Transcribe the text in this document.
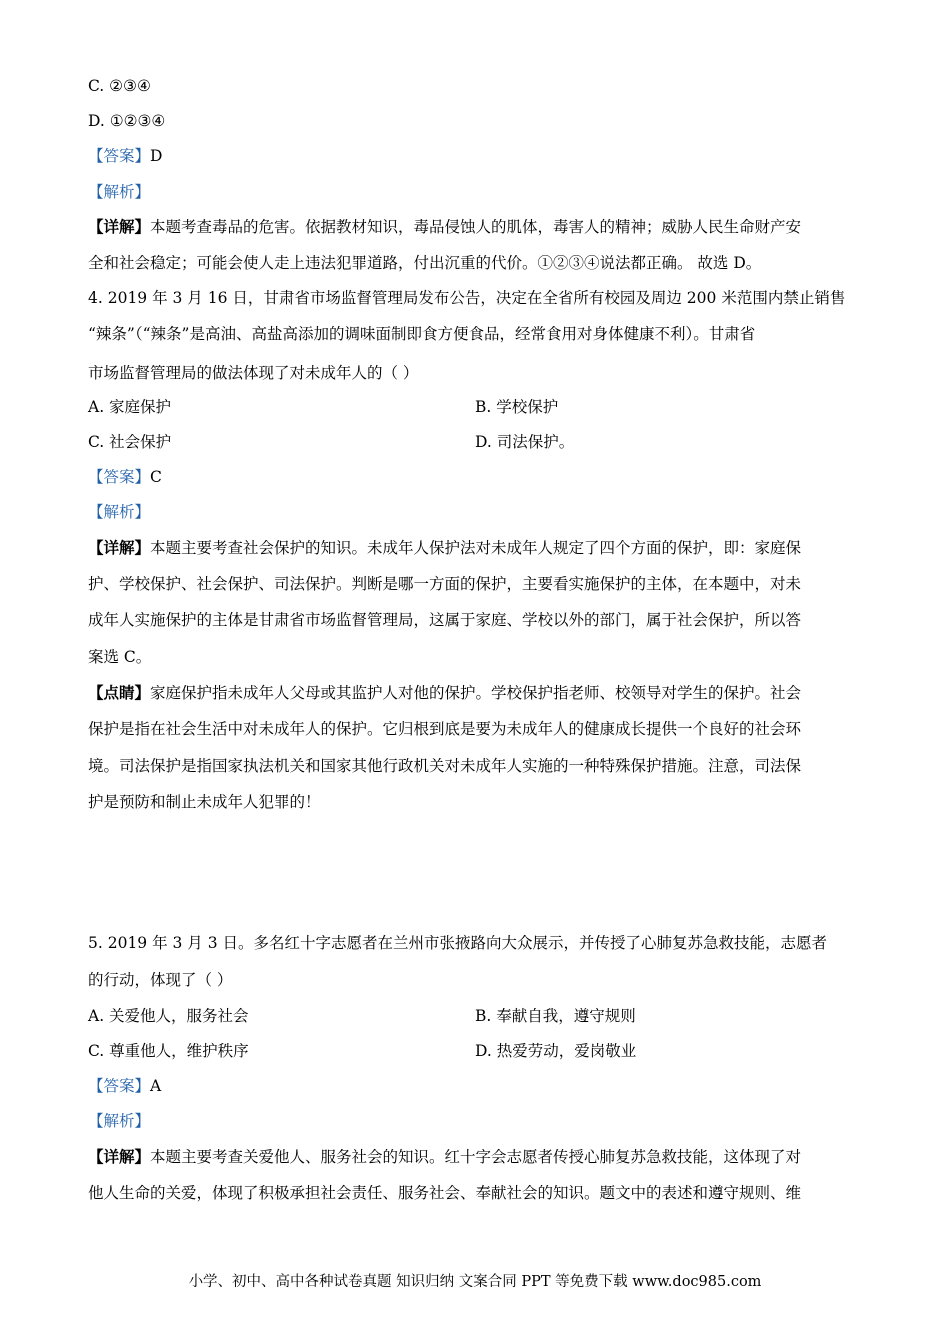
C. ②③④
D. ①②③④
【答案】D
【解析】
【详解】本题考查毒品的危害。依据教材知识，毒品侵蚀人的肌体，毒害人的精神；威胁人民生命财产安
全和社会稳定；可能会使人走上违法犯罪道路，付出沉重的代价。①②③④说法都正确。 故选 D。
4. 2019 年 3 月 16 日，甘肃省市场监督管理局发布公告，决定在全省所有校园及周边 200 米范围内禁止销售
“辣条”（“辣条”是高油、高盐高添加的调味面制即食方便食品，经常食用对身体健康不利）。甘肃省
市场监督管理局的做法体现了对未成年人的（ ）
A. 家庭保护	B. 学校保护
C. 社会保护	D. 司法保护。
【答案】C
【解析】
【详解】本题主要考查社会保护的知识。未成年人保护法对未成年人规定了四个方面的保护，即：家庭保
护、学校保护、社会保护、司法保护。判断是哪一方面的保护，主要看实施保护的主体，在本题中，对未
成年人实施保护的主体是甘肃省市场监督管理局，这属于家庭、学校以外的部门，属于社会保护，所以答
案选 C。
【点睛】家庭保护指未成年人父母或其监护人对他的保护。学校保护指老师、校领导对学生的保护。社会
保护是指在社会生活中对未成年人的保护。它归根到底是要为未成年人的健康成长提供一个良好的社会环
境。司法保护是指国家执法机关和国家其他行政机关对未成年人实施的一种特殊保护措施。注意，司法保
护是预防和制止未成年人犯罪的！
5. 2019 年 3 月 3 日。多名红十字志愿者在兰州市张掖路向大众展示，并传授了心肺复苏急救技能，志愿者
的行动，体现了（ ）
A. 关爱他人，服务社会	B. 奉献自我，遵守规则
C. 尊重他人，维护秩序	D. 热爱劳动，爱岗敬业
【答案】A
【解析】
【详解】本题主要考查关爱他人、服务社会的知识。红十字会志愿者传授心肺复苏急救技能，这体现了对
他人生命的关爱，体现了积极承担社会责任、服务社会、奉献社会的知识。题文中的表述和遵守规则、维
小学、初中、高中各种试卷真题 知识归纳 文案合同 PPT 等免费下载 www.doc985.com
